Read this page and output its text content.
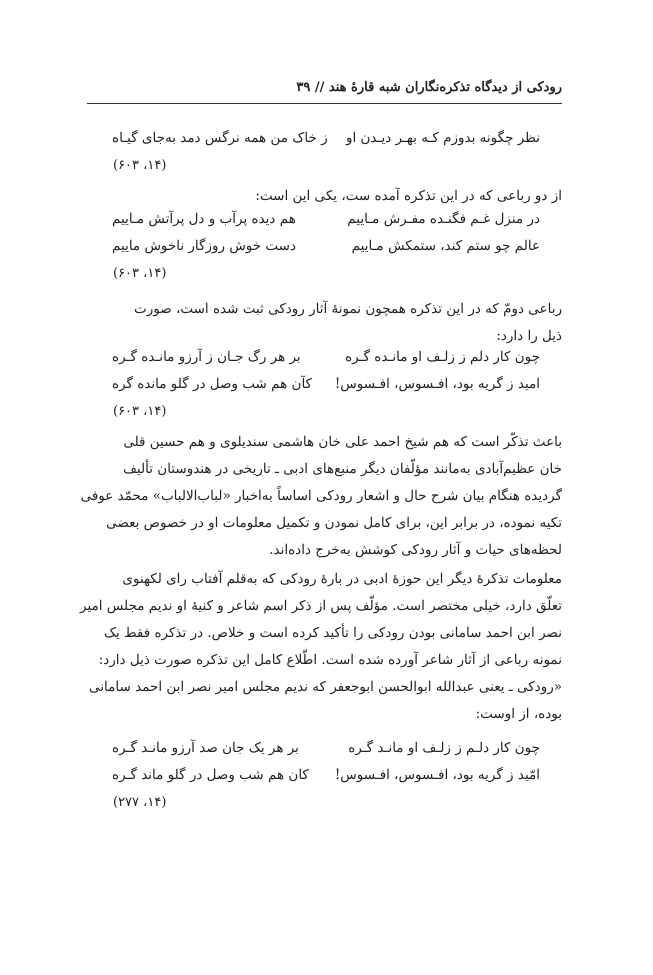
رودکی از دیدگاه تذکره‌نگاران شبه قارهٔ هند // ۳۹
نظر چگونه بدوزم کـه بهـر دیـدن او
ز خاک من همه نرگس دمد به‌جای گیـاه
(۱۴، ۶۰۳)
از دو رباعی که در این تذکره آمده ست، یکی این است:
در منزل غـم فگنـده مفـرش مـاییم
هم دیده پرآب و دل پرآتش مـاییم
عالم چو ستم کند، ستمکش مـاییم
دست خوش روزگار ناخوش ماییم
(۱۴، ۶۰۳)
رباعی دومّ که در این تذکره همچون نمونهٔ آثار رودکی ثبت شده است، صورت
ذیل را دارد:
چون کار دلم ز زلـف او مانـده گـره
بر هر رگ جـان ز آرزو مانـده گـره
امید ز گریه بود، افـسوس، افـسوس!
کآن هم شب وصل در گلو مانده گره
(۱۴، ۶۰۳)
باعث تذکّر است که هم شیخ احمد علی خان هاشمی سندیلوی و هم حسین قلی
خان عظیم‌آبادی به‌مانند مؤلّفان دیگر منبع‌های ادبی ـ تاریخی در هندوستان تألیف
گردیده هنگام بیان شرح حال و اشعار رودکی اساساً به‌اخبار «لباب‌الالباب» محمّد عوفی
تکیه نموده، در برابر این، برای کامل نمودن و تکمیل معلومات او در خصوص بعضی
لحظه‌های حیات و آثار رودکی کوشش به‌خرج داده‌اند.
معلومات تذکرهٔ دیگر این حوزهٔ ادبی در بارهٔ رودکی که به‌قلم آفتاب رای لکهنوی
تعلّق دارد، خیلی مختصر است. مؤلّف پس از ذکر اسم شاعر و کنیهٔ او ندیم مجلس امیر
نصر ابن احمد سامانی بودن رودکی را تأکید کرده است و خلاص. در تذکره فقط یک
نمونه رباعی از آثار شاعر آورده شده است. اطّلاع کامل این تذکره صورت ذیل دارد:
«رودکی ـ یعنی عبدالله ابوالحسن ابوجعفر که ندیم مجلس امیر نصر ابن احمد سامانی
بوده، از اوست:
چون کار دلـم ز زلـف او مانـد گـره
بر هر یک جان صد آرزو مانـد گـره
امّید ز گریه بود، افـسوس، افـسوس!
کان هم شب وصل در گلو ماند گـره
(۱۴، ۲۷۷)
